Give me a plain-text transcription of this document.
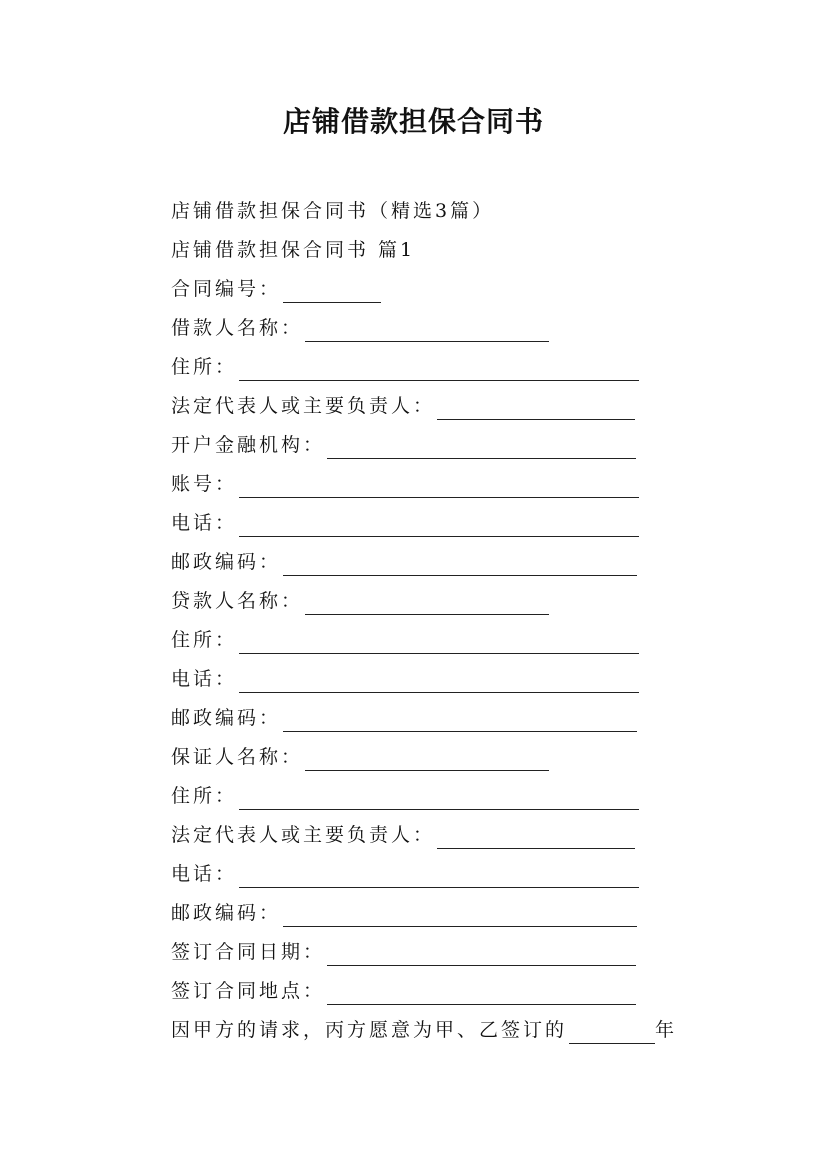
店铺借款担保合同书
店铺借款担保合同书（精选3篇）
店铺借款担保合同书 篇1
合同编号：
借款人名称：
住所：
法定代表人或主要负责人：
开户金融机构：
账号：
电话：
邮政编码：
贷款人名称：
住所：
电话：
邮政编码：
保证人名称：
住所：
法定代表人或主要负责人：
电话：
邮政编码：
签订合同日期：
签订合同地点：
因甲方的请求，丙方愿意为甲、乙签订的	年
